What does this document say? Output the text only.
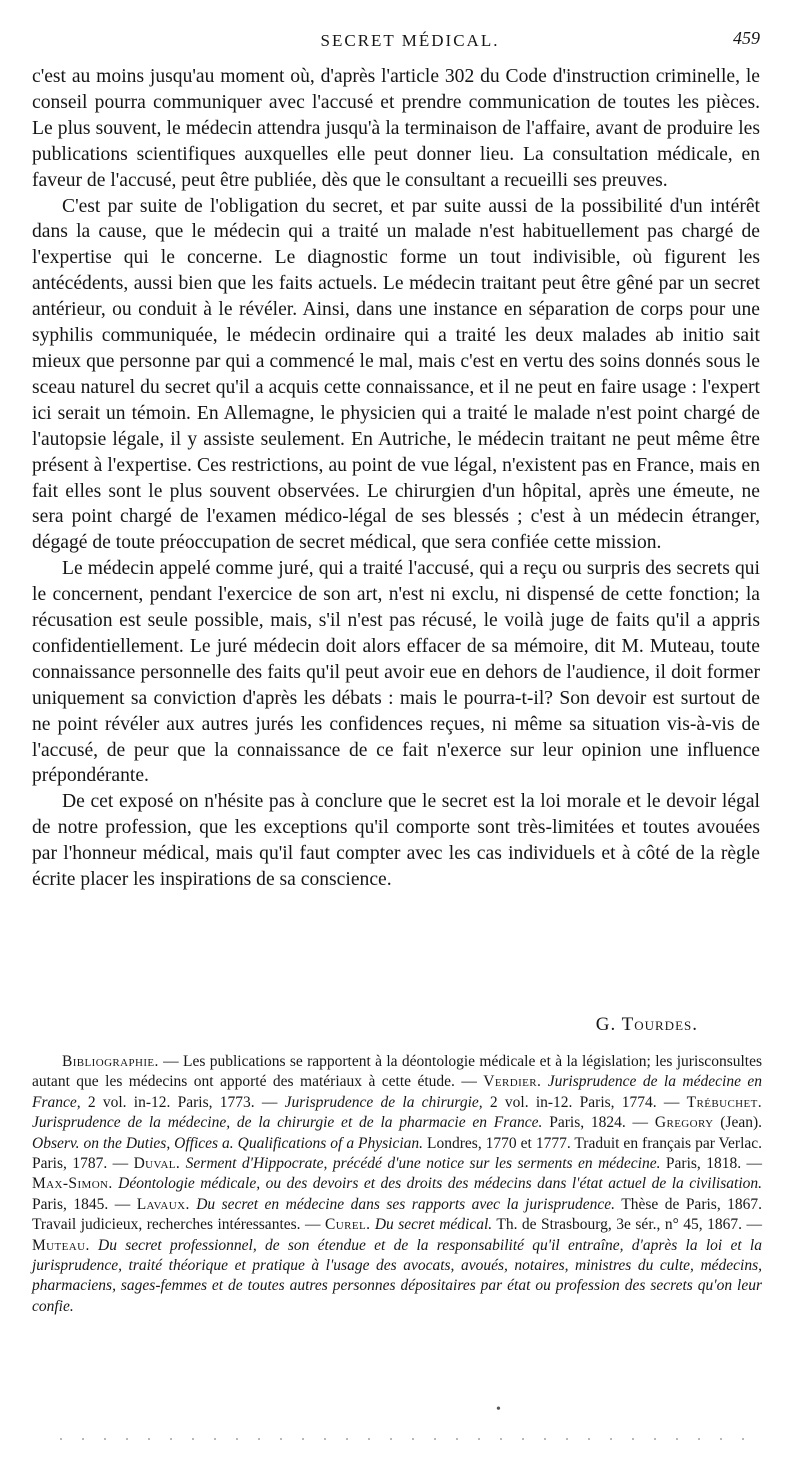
SECRET MÉDICAL.	459

c'est au moins jusqu'au moment où, d'après l'article 302 du Code d'instruction criminelle, le conseil pourra communiquer avec l'accusé et prendre communication de toutes les pièces. Le plus souvent, le médecin attendra jusqu'à la terminaison de l'affaire, avant de produire les publications scientifiques auxquelles elle peut donner lieu. La consultation médicale, en faveur de l'accusé, peut être publiée, dès que le consultant a recueilli ses preuves.

C'est par suite de l'obligation du secret, et par suite aussi de la possibilité d'un intérêt dans la cause, que le médecin qui a traité un malade n'est habituellement pas chargé de l'expertise qui le concerne. Le diagnostic forme un tout indivisible, où figurent les antécédents, aussi bien que les faits actuels. Le médecin traitant peut être gêné par un secret antérieur, ou conduit à le révéler. Ainsi, dans une instance en séparation de corps pour une syphilis communiquée, le médecin ordinaire qui a traité les deux malades ab initio sait mieux que personne par qui a commencé le mal, mais c'est en vertu des soins donnés sous le sceau naturel du secret qu'il a acquis cette connaissance, et il ne peut en faire usage : l'expert ici serait un témoin. En Allemagne, le physicien qui a traité le malade n'est point chargé de l'autopsie légale, il y assiste seulement. En Autriche, le médecin traitant ne peut même être présent à l'expertise. Ces restrictions, au point de vue légal, n'existent pas en France, mais en fait elles sont le plus souvent observées. Le chirurgien d'un hôpital, après une émeute, ne sera point chargé de l'examen médico-légal de ses blessés ; c'est à un médecin étranger, dégagé de toute préoccupation de secret médical, que sera confiée cette mission.

Le médecin appelé comme juré, qui a traité l'accusé, qui a reçu ou surpris des secrets qui le concernent, pendant l'exercice de son art, n'est ni exclu, ni dispensé de cette fonction; la récusation est seule possible, mais, s'il n'est pas récusé, le voilà juge de faits qu'il a appris confidentiellement. Le juré médecin doit alors effacer de sa mémoire, dit M. Muteau, toute connaissance personnelle des faits qu'il peut avoir eue en dehors de l'audience, il doit former uniquement sa conviction d'après les débats : mais le pourra-t-il? Son devoir est surtout de ne point révéler aux autres jurés les confidences reçues, ni même sa situation vis-à-vis de l'accusé, de peur que la connaissance de ce fait n'exerce sur leur opinion une influence prépondérante.

De cet exposé on n'hésite pas à conclure que le secret est la loi morale et le devoir légal de notre profession, que les exceptions qu'il comporte sont très-limitées et toutes avouées par l'honneur médical, mais qu'il faut compter avec les cas individuels et à côté de la règle écrite placer les inspirations de sa conscience.

G. Tourdes.

Bibliographie. — Les publications se rapportent à la déontologie médicale et à la législation; les jurisconsultes autant que les médecins ont apporté des matériaux à cette étude. — Verdier. Jurisprudence de la médecine en France, 2 vol. in-12. Paris, 1773. — Jurisprudence de la chirurgie, 2 vol. in-12. Paris, 1774. — Trébuchet. Jurisprudence de la médecine, de la chirurgie et de la pharmacie en France. Paris, 1824. — Gregory (Jean). Observ. on the Duties, Offices a. Qualifications of a Physician. Londres, 1770 et 1777. Traduit en français par Verlac. Paris, 1787. — Duval. Serment d'Hippocrate, précédé d'une notice sur les serments en médecine. Paris, 1818. — Max-Simon. Déontologie médicale, ou des devoirs et des droits des médecins dans l'état actuel de la civilisation. Paris, 1845. — Lavaux. Du secret en médecine dans ses rapports avec la jurisprudence. Thèse de Paris, 1867. Travail judicieux, recherches intéressantes. — Curel. Du secret médical. Th. de Strasbourg, 3e sér., n° 45, 1867. — Muteau. Du secret professionnel, de son étendue et de la responsabilité qu'il entraîne, d'après la loi et la jurisprudence, traité théorique et pratique à l'usage des avocats, avoués, notaires, ministres du culte, médecins, pharmaciens, sages-femmes et de toutes autres personnes dépositaires par état ou profession des secrets qu'on leur confie.

•
